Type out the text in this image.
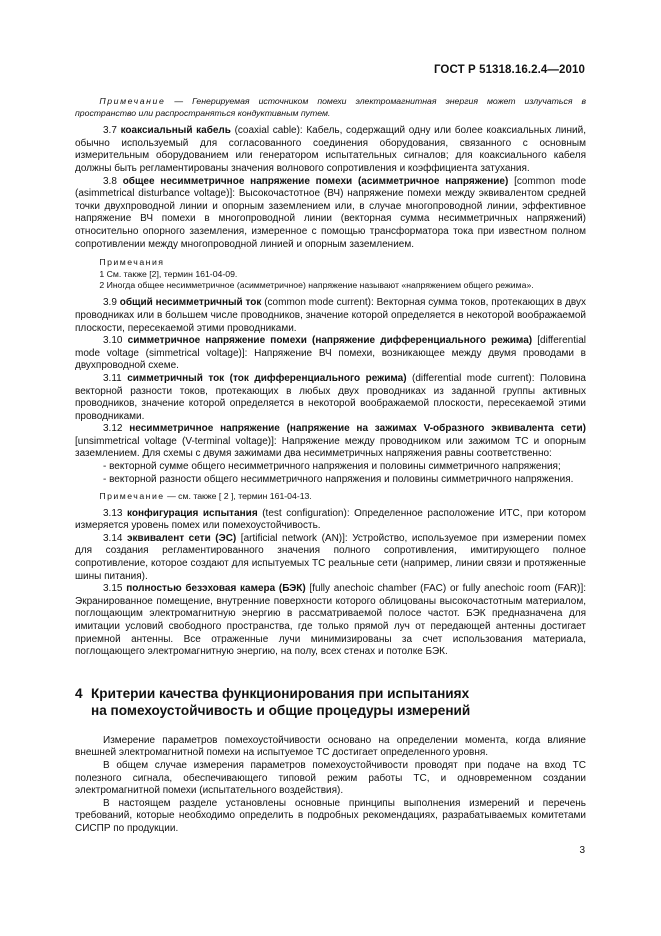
ГОСТ Р 51318.16.2.4—2010

Примечание — Генерируемая источником помехи электромагнитная энергия может излучаться в пространство или распространяться кондуктивным путем.

3.7 коаксиальный кабель (coaxial cable): Кабель, содержащий одну или более коаксиальных линий, обычно используемый для согласованного соединения оборудования, связанного с основным измерительным оборудованием или генератором испытательных сигналов; для коаксиального кабеля должны быть регламентированы значения волнового сопротивления и коэффициента затухания.

3.8 общее несимметричное напряжение помехи (асимметричное напряжение) [common mode (asimmetrical disturbance voltage)]: Высокочастотное (ВЧ) напряжение помехи между эквивалентом средней точки двухпроводной линии и опорным заземлением или, в случае многопроводной линии, эффективное напряжение ВЧ помехи в многопроводной линии (векторная сумма несимметричных напряжений) относительно опорного заземления, измеренное с помощью трансформатора тока при известном полном сопротивлении между многопроводной линией и опорным заземлением.

Примечания

1 См. также [2], термин 161-04-09.

2 Иногда общее несимметричное (асимметричное) напряжение называют «напряжением общего режима».

3.9 общий несимметричный ток (common mode current): Векторная сумма токов, протекающих в двух проводниках или в большем числе проводников, значение которой определяется в некоторой воображаемой плоскости, пересекаемой этими проводниками.

3.10 симметричное напряжение помехи (напряжение дифференциального режима) [differential mode voltage (simmetrical voltage)]: Напряжение ВЧ помехи, возникающее между двумя проводами в двухпроводной схеме.

3.11 симметричный ток (ток дифференциального режима) (differential mode current): Половина векторной разности токов, протекающих в любых двух проводниках из заданной группы активных проводников, значение которой определяется в некоторой воображаемой плоскости, пересекаемой этими проводниками.

3.12 несимметричное напряжение (напряжение на зажимах V-образного эквивалента сети) [unsimmetrical voltage (V-terminal voltage)]: Напряжение между проводником или зажимом ТС и опорным заземлением. Для схемы с двумя зажимами два несимметричных напряжения равны соответственно:

- векторной сумме общего несимметричного напряжения и половины симметричного напряжения;

- векторной разности общего несимметричного напряжения и половины симметричного напряжения.

Примечание — см. также [ 2 ], термин 161-04-13.

3.13 конфигурация испытания (test configuration): Определенное расположение ИТС, при котором измеряется уровень помех или помехоустойчивость.

3.14 эквивалент сети (ЭС) [artificial network (AN)]: Устройство, используемое при измерении помех для создания регламентированного значения полного сопротивления, имитирующего полное сопротивление, которое создают для испытуемых ТС реальные сети (например, линии связи и протяженные шины питания).

3.15 полностью безэховая камера (БЭК) [fully anechoic chamber (FAC) or fully anechoic room (FAR)]: Экранированное помещение, внутренние поверхности которого облицованы высокочастотным материалом, поглощающим электромагнитную энергию в рассматриваемой полосе частот. БЭК предназначена для имитации условий свободного пространства, где только прямой луч от передающей антенны достигает приемной антенны. Все отраженные лучи минимизированы за счет использования материала, поглощающего электромагнитную энергию, на полу, всех стенах и потолке БЭК.

4 Критерии качества функционирования при испытаниях
на помехоустойчивость и общие процедуры измерений

Измерение параметров помехоустойчивости основано на определении момента, когда влияние внешней электромагнитной помехи на испытуемое ТС достигает определенного уровня.

В общем случае измерения параметров помехоустойчивости проводят при подаче на вход ТС полезного сигнала, обеспечивающего типовой режим работы ТС, и одновременном создании электромагнитной помехи (испытательного воздействия).

В настоящем разделе установлены основные принципы выполнения измерений и перечень требований, которые необходимо определить в подробных рекомендациях, разрабатываемых комитетами СИСПР по продукции.

3
